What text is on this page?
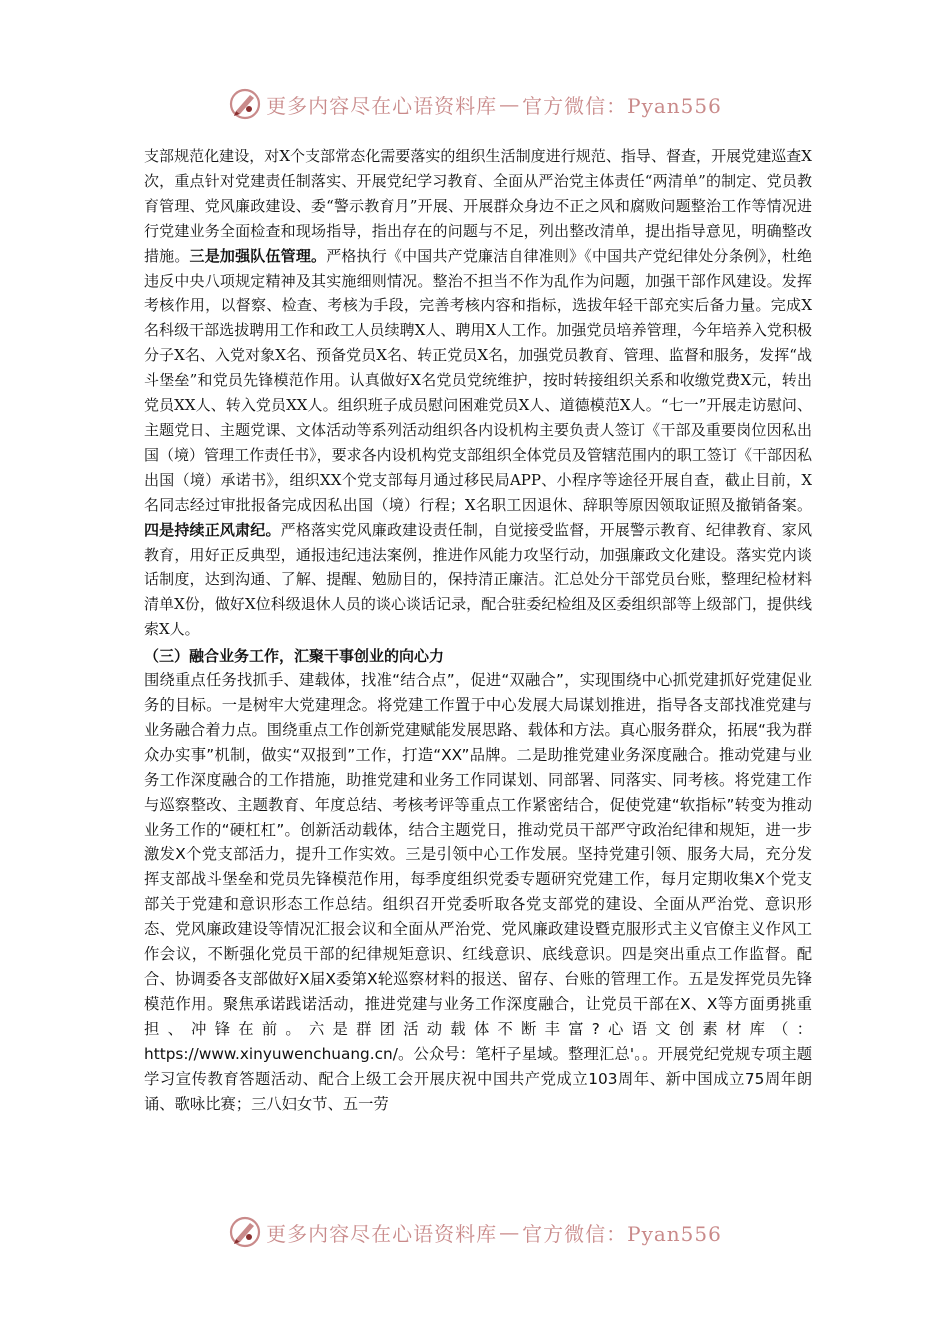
更多内容尽在心语资料库 — 官方微信：Pyan556

支部规范化建设，对X个支部常态化需要落实的组织生活制度进行规范、指导、督查，开展党建巡查X次，重点针对党建责任制落实、开展党纪学习教育、全面从严治党主体责任“两清单”的制定、党员教育管理、党风廉政建设、委“警示教育月”开展、开展群众身边不正之风和腐败问题整治工作等情况进行党建业务全面检查和现场指导，指出存在的问题与不足，列出整改清单，提出指导意见，明确整改措施。三是加强队伍管理。严格执行《中国共产党廉洁自律准则》《中国共产党纪律处分条例》，杜绝违反中央八项规定精神及其实施细则情况。整治不担当不作为乱作为问题，加强干部作风建设。发挥考核作用，以督察、检查、考核为手段，完善考核内容和指标，选拔年轻干部充实后备力量。完成X名科级干部选拔聘用工作和政工人员续聘X人、聘用X人工作。加强党员培养管理，今年培养入党积极分子X名、入党对象X名、预备党员X名、转正党员X名，加强党员教育、管理、监督和服务，发挥“战斗堡垒”和党员先锋模范作用。认真做好X名党员党统维护，按时转接组织关系和收缴党费X元，转出党员XX人、转入党员XX人。组织班子成员慰问困难党员X人、道德模范X人。“七一”开展走访慰问、主题党日、主题党课、文体活动等系列活动组织各内设机构主要负责人签订《干部及重要岗位因私出国（境）管理工作责任书》，要求各内设机构党支部组织全体党员及管辖范围内的职工签订《干部因私出国（境）承诺书》，组织XX个党支部每月通过移民局APP、小程序等途径开展自查，截止目前，X名同志经过审批报备完成因私出国（境）行程；X名职工因退休、辞职等原因领取证照及撤销备案。四是持续正风肃纪。严格落实党风廉政建设责任制，自觉接受监督，开展警示教育、纪律教育、家风教育，用好正反典型，通报违纪违法案例，推进作风能力攻坚行动，加强廉政文化建设。落实党内谈话制度，达到沟通、了解、提醒、勉励目的，保持清正廉洁。汇总处分干部党员台账，整理纪检材料清单X份，做好X位科级退休人员的谈心谈话记录，配合驻委纪检组及区委组织部等上级部门，提供线索X人。

（三）融合业务工作，汇聚干事创业的向心力

围绕重点任务找抓手、建载体，找准“结合点”，促进“双融合”，实现围绕中心抓党建抓好党建促业务的目标。一是树牢大党建理念。将党建工作置于中心发展大局谋划推进，指导各支部找准党建与业务融合着力点。围绕重点工作创新党建赋能发展思路、载体和方法。真心服务群众，拓展“我为群众办实事”机制，做实“双报到”工作，打造“XX”品牌。二是助推党建业务深度融合。推动党建与业务工作深度融合的工作措施，助推党建和业务工作同谋划、同部署、同落实、同考核。将党建工作与巡察整改、主题教育、年度总结、考核考评等重点工作紧密结合，促使党建“软指标”转变为推动业务工作的“硬杠杠”。创新活动载体，结合主题党日，推动党员干部严守政治纪律和规矩，进一步激发X个党支部活力，提升工作实效。三是引领中心工作发展。坚持党建引领、服务大局，充分发挥支部战斗堡垒和党员先锋模范作用，每季度组织党委专题研究党建工作，每月定期收集X个党支部关于党建和意识形态工作总结。组织召开党委听取各党支部党的建设、全面从严治党、意识形态、党风廉政建设等情况汇报会议和全面从严治党、党风廉政建设暨克服形式主义官僚主义作风工作会议，不断强化党员干部的纪律规矩意识、红线意识、底线意识。四是突出重点工作监督。配合、协调委各支部做好X届X委第X轮巡察材料的报送、留存、台账的管理工作。五是发挥党员先锋模范作用。聚焦承诺践诺活动，推进党建与业务工作深度融合，让党员干部在X、X等方面勇挑重担、冲锋在前。六是群团活动载体不断丰富?心语文创素材库（：https://www.xinyuwenchuang.cn/。公众号：笔杆子星域。整理汇总'。。开展党纪党规专项主题学习宣传教育答题活动、配合上级工会开展庆祝中国共产党成立103周年、新中国成立75周年朗诵、歌咏比赛；三八妇女节、五一劳

更多内容尽在心语资料库 — 官方微信：Pyan556
